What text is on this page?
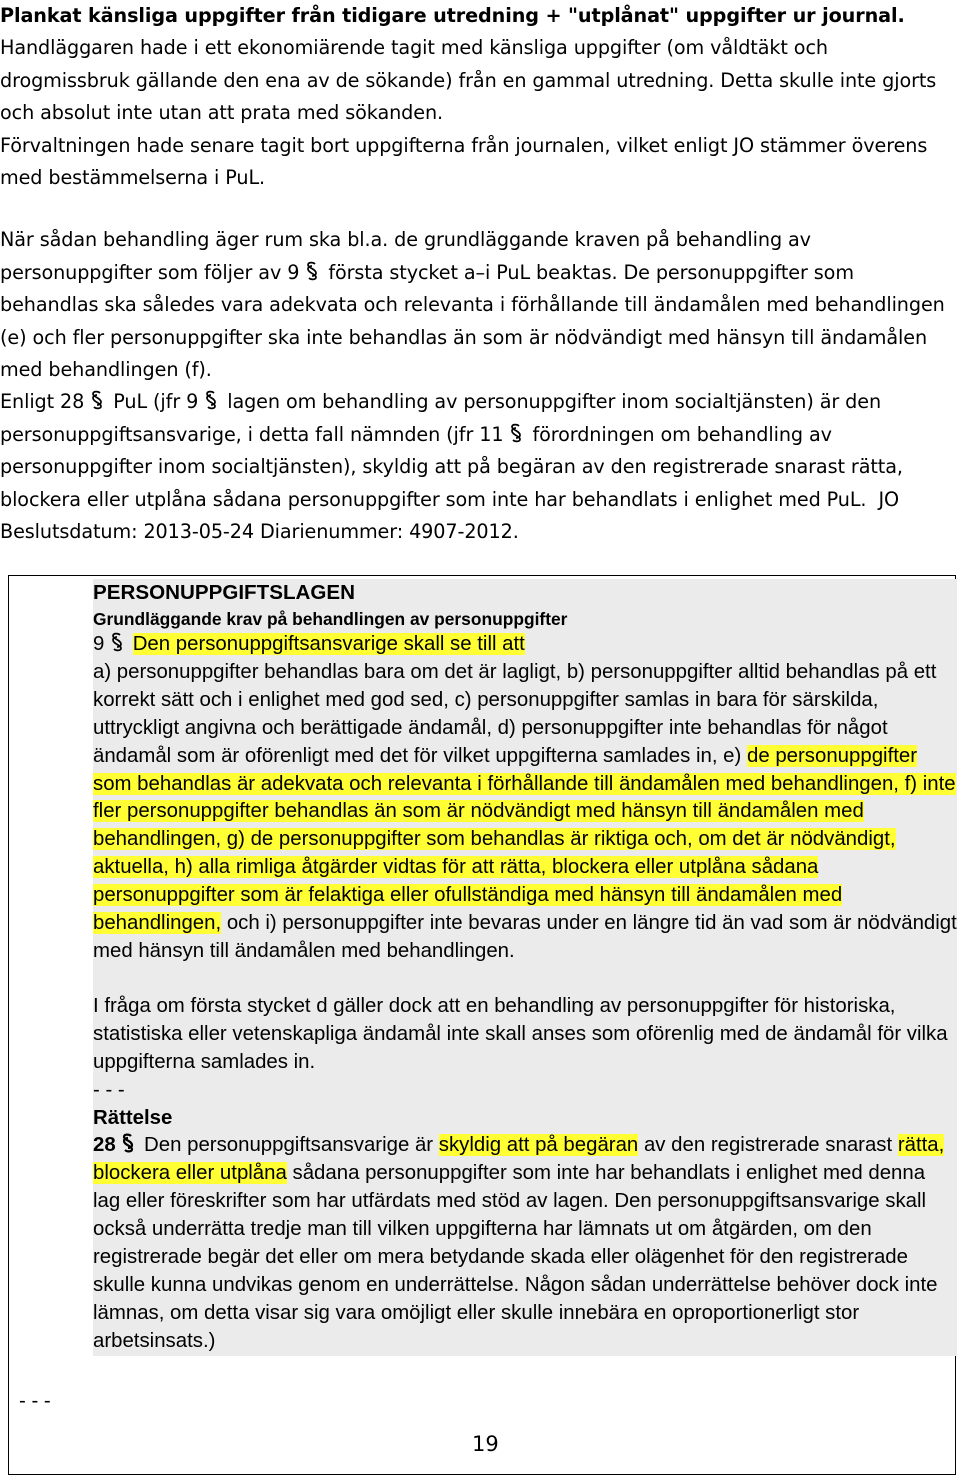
Plankat känsliga uppgifter från tidigare utredning + "utplånat" uppgifter ur journal.

Handläggaren hade i ett ekonomiärende tagit med känsliga uppgifter (om våldtäkt och drogmissbruk gällande den ena av de sökande) från en gammal utredning. Detta skulle inte gjorts och absolut inte utan att prata med sökanden.

Förvaltningen hade senare tagit bort uppgifterna från journalen, vilket enligt JO stämmer överens med bestämmelserna i PuL.

När sådan behandling äger rum ska bl.a. de grundläggande kraven på behandling av personuppgifter som följer av 9 första stycket a–i PuL beaktas. De personuppgifter som behandlas ska således vara adekvata och relevanta i förhållande till ändamålen med behandlingen (e) och fler personuppgifter ska inte behandlas än som är nödvändigt med hänsyn till ändamålen med behandlingen (f).

Enligt 28 PuL (jfr 9 lagen om behandling av personuppgifter inom socialtjänsten) är den personuppgiftsansvarige, i detta fall nämnden (jfr 11 förordningen om behandling av personuppgifter inom socialtjänsten), skyldig att på begäran av den registrerade snarast rätta, blockera eller utplåna sådana personuppgifter som inte har behandlats i enlighet med PuL. JO Beslutsdatum: 2013-05-24 Diarienummer: 4907-2012.

PERSONUPPGIFTSLAGEN
Grundläggande krav på behandlingen av personuppgifter

9 Den personuppgiftsansvarige skall se till att

a) personuppgifter behandlas bara om det är lagligt, b) personuppgifter alltid behandlas på ett korrekt sätt och i enlighet med god sed, c) personuppgifter samlas in bara för särskilda, uttryckligt angivna och berättigade ändamål, d) personuppgifter inte behandlas för något ändamål som är oförenligt med det för vilket uppgifterna samlades in, e) de personuppgifter som behandlas är adekvata och relevanta i förhållande till ändamålen med behandlingen, f) inte fler personuppgifter behandlas än som är nödvändigt med hänsyn till ändamålen med behandlingen, g) de personuppgifter som behandlas är riktiga och, om det är nödvändigt, aktuella, h) alla rimliga åtgärder vidtas för att rätta, blockera eller utplåna sådana personuppgifter som är felaktiga eller ofullständiga med hänsyn till ändamålen med behandlingen, och i) personuppgifter inte bevaras under en längre tid än vad som är nödvändigt med hänsyn till ändamålen med behandlingen.

I fråga om första stycket d gäller dock att en behandling av personuppgifter för historiska, statistiska eller vetenskapliga ändamål inte skall anses som oförenlig med de ändamål för vilka uppgifterna samlades in.

- - -

Rättelse

28 Den personuppgiftsansvarige är skyldig att på begäran av den registrerade snarast rätta, blockera eller utplåna sådana personuppgifter som inte har behandlats i enlighet med denna lag eller föreskrifter som har utfärdats med stöd av lagen. Den personuppgiftsansvarige skall också underrätta tredje man till vilken uppgifterna har lämnats ut om åtgärden, om den registrerade begär det eller om mera betydande skada eller olägenhet för den registrerade skulle kunna undvikas genom en underrättelse. Någon sådan underrättelse behöver dock inte lämnas, om detta visar sig vara omöjligt eller skulle innebära en oproportionerligt stor arbetsinsats.)

- - -
19
